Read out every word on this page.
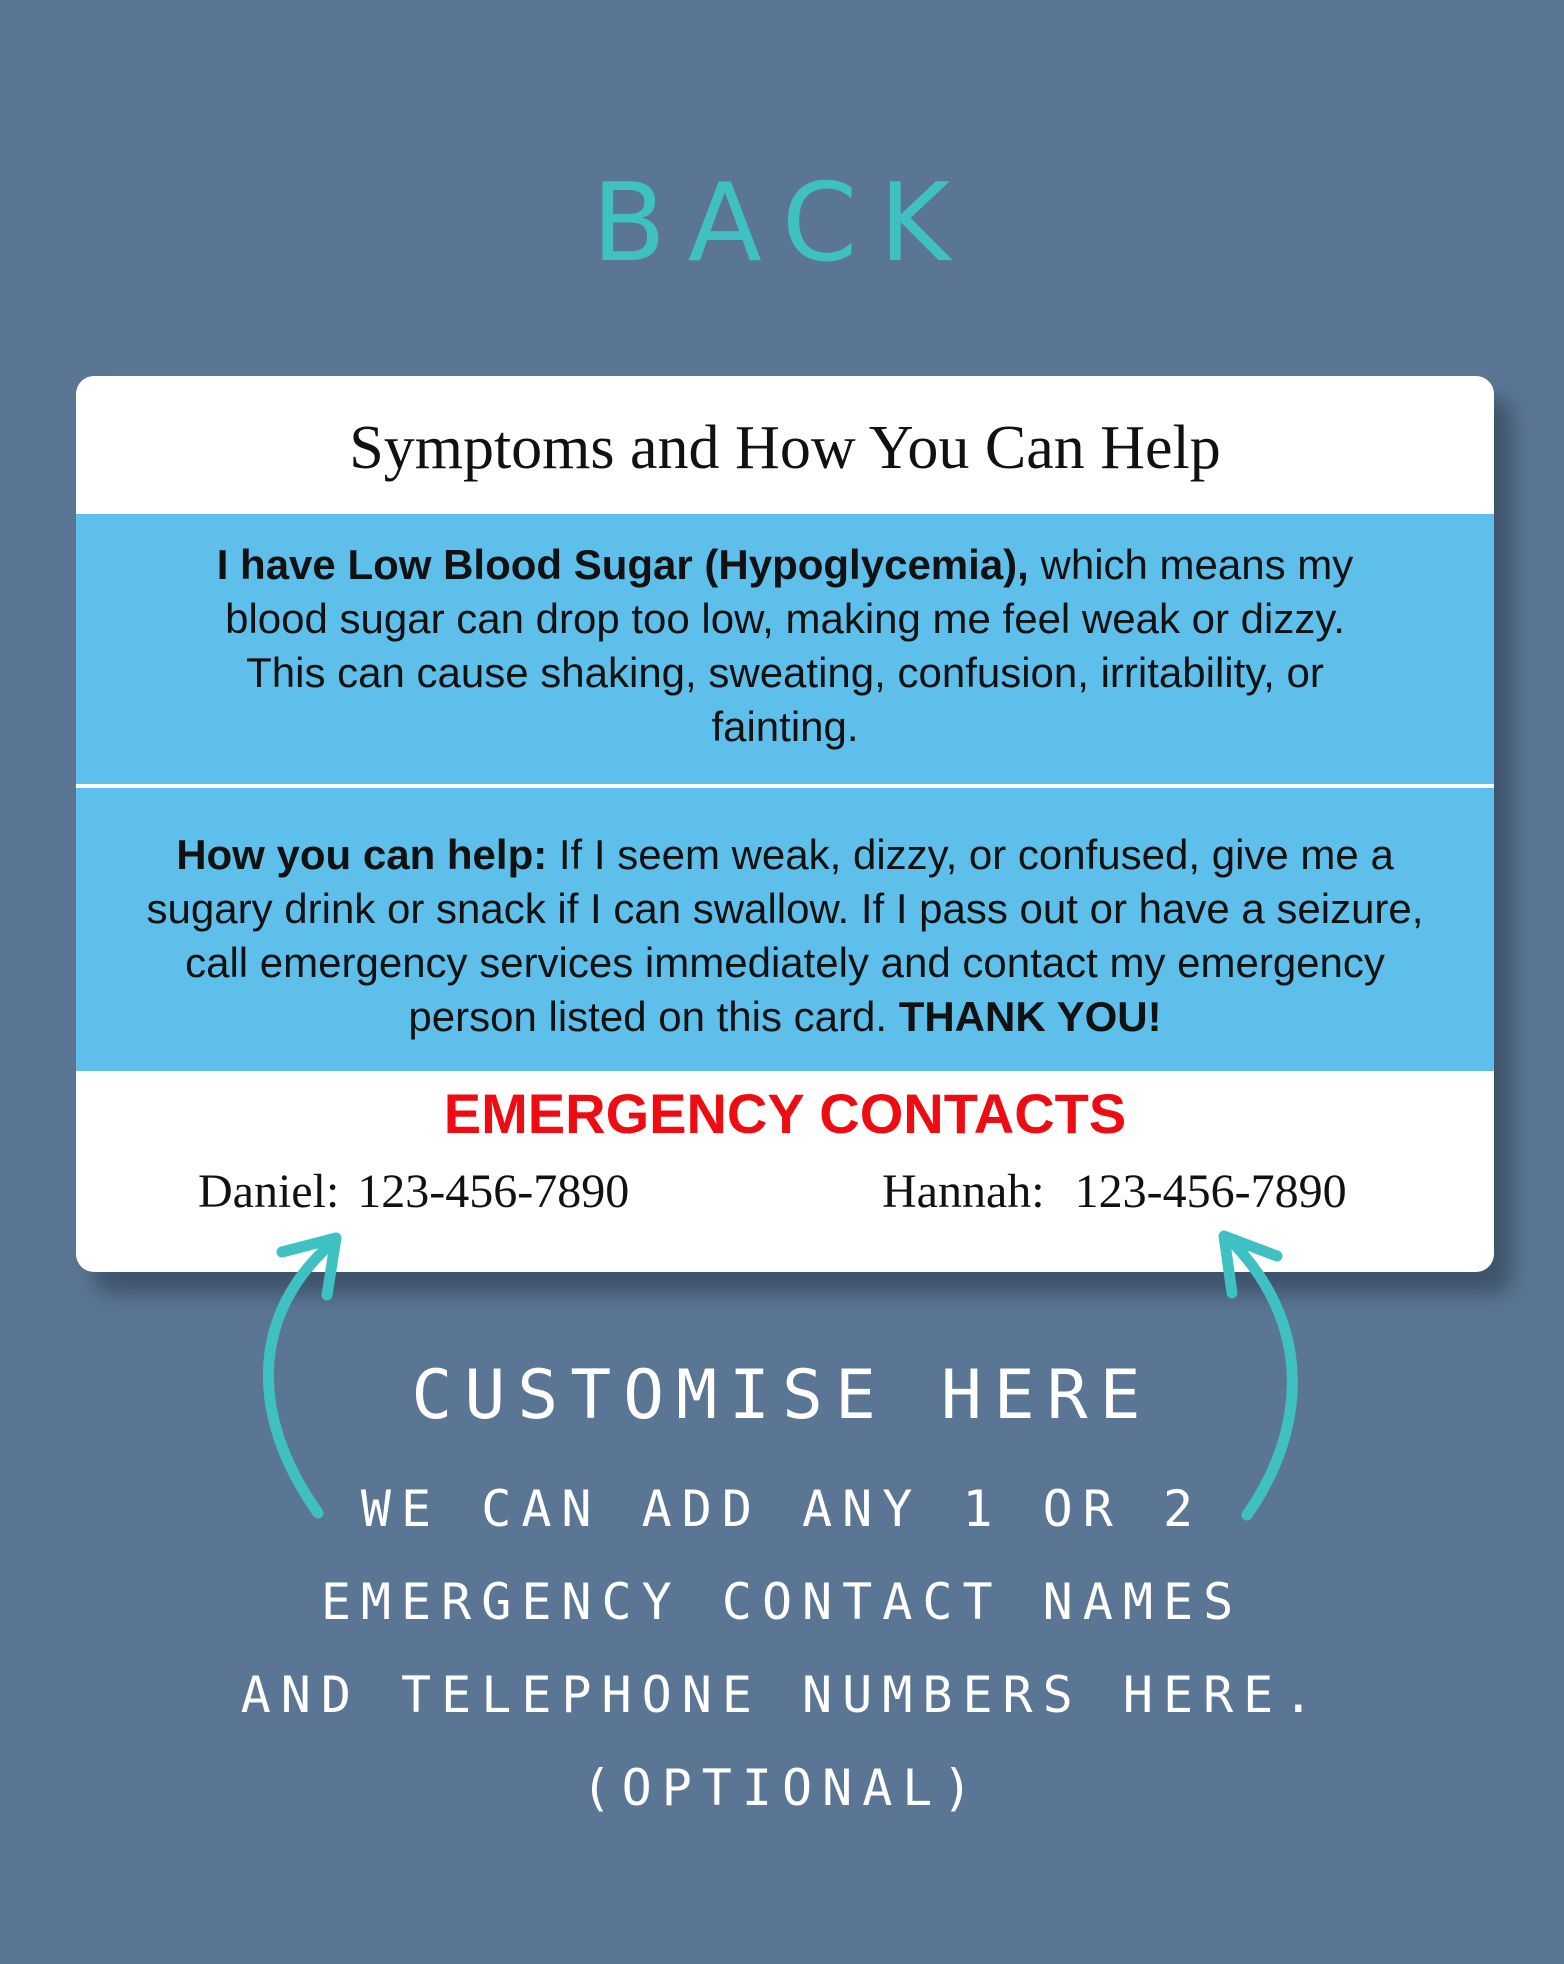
BACK
Symptoms and How You Can Help
I have Low Blood Sugar (Hypoglycemia), which means my blood sugar can drop too low, making me feel weak or dizzy. This can cause shaking, sweating, confusion, irritability, or fainting.
How you can help: If I seem weak, dizzy, or confused, give me a sugary drink or snack if I can swallow. If I pass out or have a seizure, call emergency services immediately and contact my emergency person listed on this card. THANK YOU!
EMERGENCY CONTACTS
Daniel: 123-456-7890	Hannah: 123-456-7890
CUSTOMISE HERE
WE CAN ADD ANY 1 OR 2
EMERGENCY CONTACT NAMES
AND TELEPHONE NUMBERS HERE.
(OPTIONAL)
